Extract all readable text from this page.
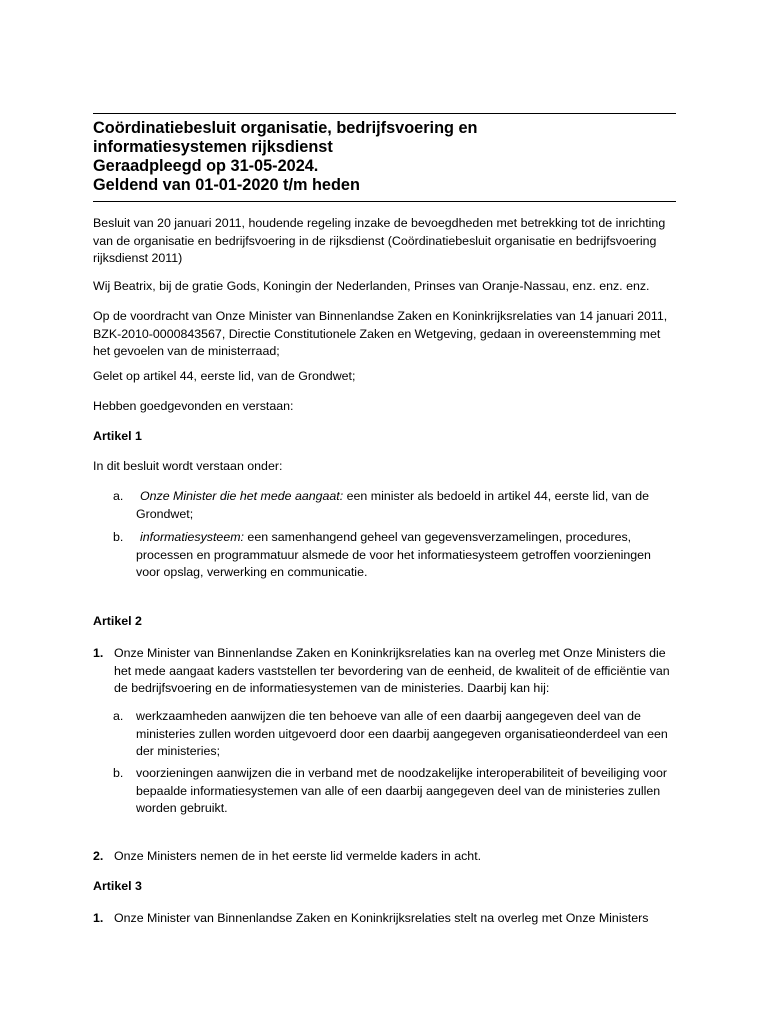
Coördinatiebesluit organisatie, bedrijfsvoering en
informatiesystemen rijksdienst
Geraadpleegd op 31-05-2024.
Geldend van 01-01-2020 t/m heden
Besluit van 20 januari 2011, houdende regeling inzake de bevoegdheden met betrekking tot de inrichting van de organisatie en bedrijfsvoering in de rijksdienst (Coördinatiebesluit organisatie en bedrijfsvoering rijksdienst 2011)
Wij Beatrix, bij de gratie Gods, Koningin der Nederlanden, Prinses van Oranje-Nassau, enz. enz. enz.
Op de voordracht van Onze Minister van Binnenlandse Zaken en Koninkrijksrelaties van 14 januari 2011, BZK-2010-0000843567, Directie Constitutionele Zaken en Wetgeving, gedaan in overeenstemming met het gevoelen van de ministerraad;
Gelet op artikel 44, eerste lid, van de Grondwet;
Hebben goedgevonden en verstaan:
Artikel 1
In dit besluit wordt verstaan onder:
a.	Onze Minister die het mede aangaat: een minister als bedoeld in artikel 44, eerste lid, van de Grondwet;
b.	informatiesysteem: een samenhangend geheel van gegevensverzamelingen, procedures, processen en programmatuur alsmede de voor het informatiesysteem getroffen voorzieningen voor opslag, verwerking en communicatie.
Artikel 2
1. Onze Minister van Binnenlandse Zaken en Koninkrijksrelaties kan na overleg met Onze Ministers die het mede aangaat kaders vaststellen ter bevordering van de eenheid, de kwaliteit of de efficiëntie van de bedrijfsvoering en de informatiesystemen van de ministeries. Daarbij kan hij:
a. werkzaamheden aanwijzen die ten behoeve van alle of een daarbij aangegeven deel van de ministeries zullen worden uitgevoerd door een daarbij aangegeven organisatieonderdeel van een der ministeries;
b. voorzieningen aanwijzen die in verband met de noodzakelijke interoperabiliteit of beveiliging voor bepaalde informatiesystemen van alle of een daarbij aangegeven deel van de ministeries zullen worden gebruikt.
2. Onze Ministers nemen de in het eerste lid vermelde kaders in acht.
Artikel 3
1. Onze Minister van Binnenlandse Zaken en Koninkrijksrelaties stelt na overleg met Onze Ministers
